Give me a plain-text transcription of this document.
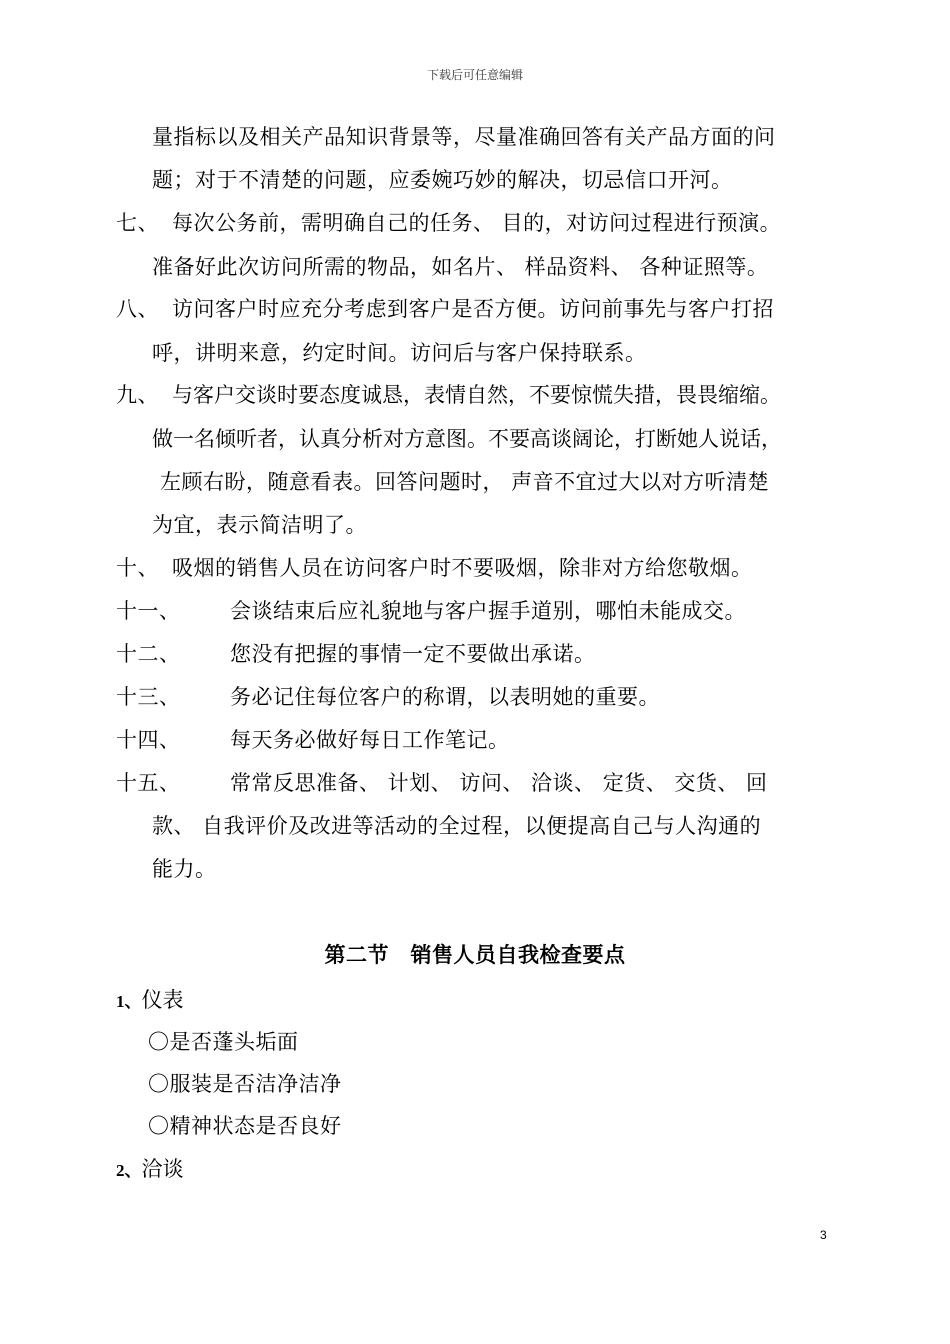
下载后可任意编辑
量指标以及相关产品知识背景等，尽量准确回答有关产品方面的问
题；对于不清楚的问题，应委婉巧妙的解决，切忌信口开河。
七、 每次公务前，需明确自己的任务、 目的，对访问过程进行预演。
准备好此次访问所需的物品，如名片、 样品资料、 各种证照等。
八、 访问客户时应充分考虑到客户是否方便。访问前事先与客户打招
呼，讲明来意，约定时间。访问后与客户保持联系。
九、 与客户交谈时要态度诚恳，表情自然，不要惊慌失措，畏畏缩缩。
做一名倾听者，认真分析对方意图。不要高谈阔论，打断她人说话，
左顾右盼，随意看表。回答问题时， 声音不宜过大以对方听清楚
为宜，表示简洁明了。
十、 吸烟的销售人员在访问客户时不要吸烟，除非对方给您敬烟。
十一、 会谈结束后应礼貌地与客户握手道别，哪怕未能成交。
十二、 您没有把握的事情一定不要做出承诺。
十三、 务必记住每位客户的称谓，以表明她的重要。
十四、 每天务必做好每日工作笔记。
十五、 常常反思准备、 计划、 访问、 洽谈、 定货、 交货、 回
款、 自我评价及改进等活动的全过程，以便提高自己与人沟通的
能力。
第二节　销售人员自我检查要点
1、仪表
〇是否蓬头垢面
〇服装是否洁净洁净
〇精神状态是否良好
2、洽谈
3
